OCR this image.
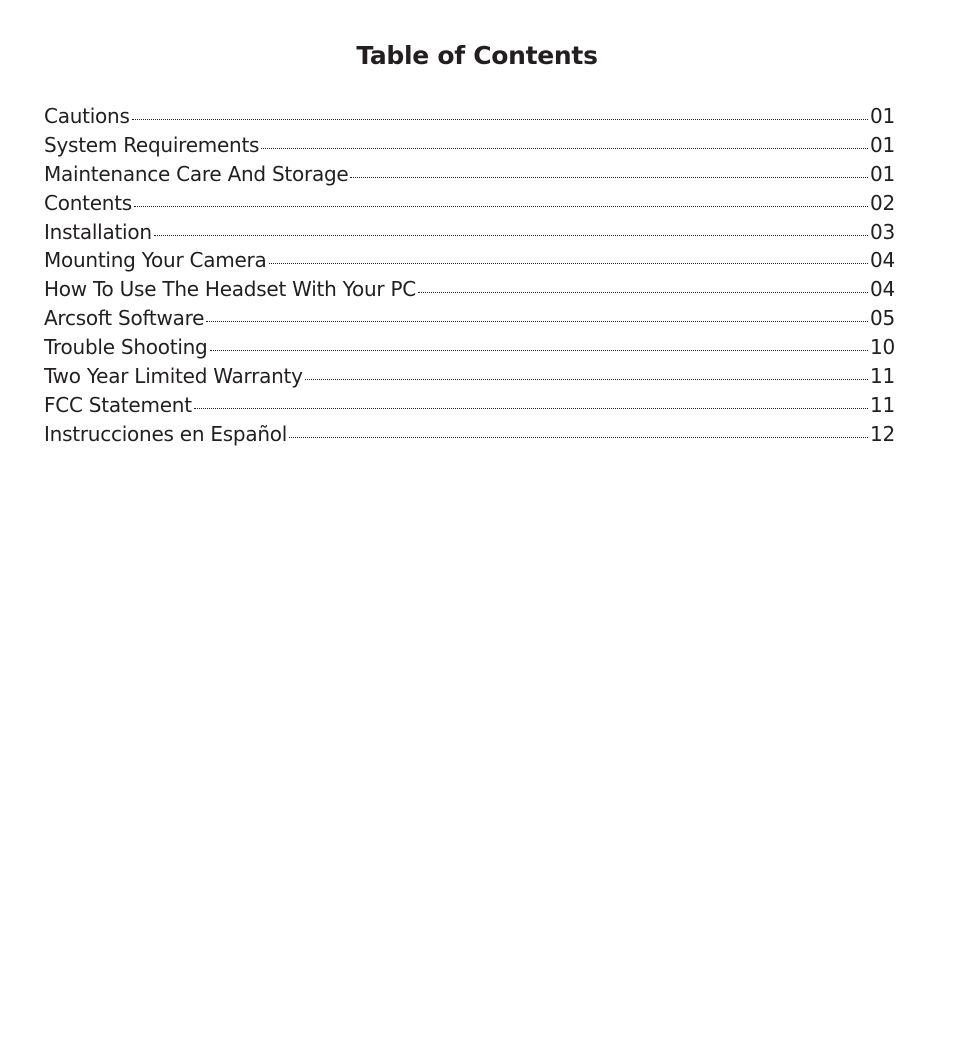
Table of Contents
Cautions	01
System Requirements	01
Maintenance Care And Storage	01
Contents	02
Installation	03
Mounting Your Camera	04
How To Use The Headset With Your PC	04
Arcsoft Software	05
Trouble Shooting	10
Two Year Limited Warranty	11
FCC Statement	11
Instrucciones en Español	12
